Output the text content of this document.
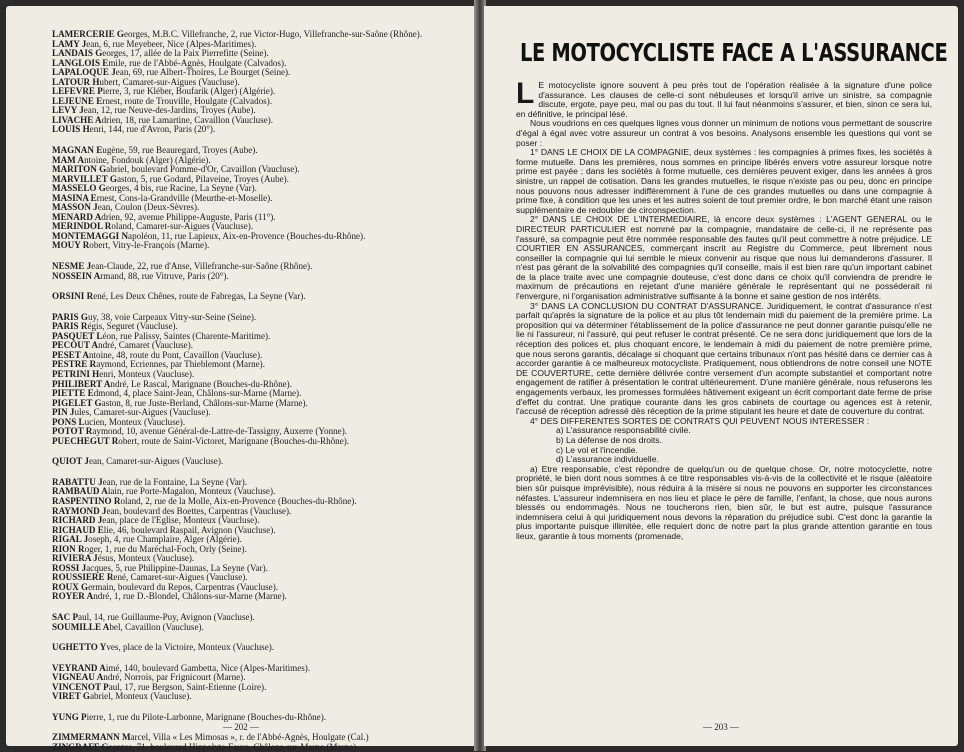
LAMERCERIE Georges, M.B.C. Villefranche, 2, rue Victor-Hugo, Villefranche-sur-Saône (Rhône).
LAMY Jean, 6, rue Meyebeer, Nice (Alpes-Maritimes).
LANDAIS Georges, 17, allée de la Paix Pierrefitte (Seine).
LANGLOIS Emile, rue de l'Abbé-Agnès, Houlgate (Calvados).
LAPALOQUE Jean, 69, rue Albert-Thoires, Le Bourget (Seine).
LATOUR Hubert, Camaret-sur-Aigues (Vaucluse).
LEFEVRE Pierre, 3, rue Kléber, Boufarik (Alger) (Algérie).
LEJEUNE Ernest, route de Trouville, Houlgate (Calvados).
LEVY Jean, 12, rue Neuve-des-Jardins, Troyes (Aube).
LIVACHE Adrien, 18, rue Lamartine, Cavaillon (Vaucluse).
LOUIS Henri, 144, rue d'Avron, Paris (20°).
MAGNAN Eugène, 59, rue Beauregard, Troyes (Aube).
MAM Antoine, Fondouk (Alger) (Algérie).
MARITON Gabriel, boulevard Pomme-d'Or, Cavaillon (Vaucluse).
MARVILLET Gaston, 5, rue Godard, Pilaveine, Troyes (Aube).
MASSELO Georges, 4 bis, rue Racine, La Seyne (Var).
MASINA Ernest, Cons-la-Grandville (Meurthe-et-Moselle).
MASSON Jean, Coulon (Deux-Sèvres).
MENARD Adrien, 92, avenue Philippe-Auguste, Paris (11°).
MERINDOL Roland, Camaret-sur-Aigues (Vaucluse).
MONTEMAGGI Napoléon, 11, rue Lapieux, Aix-en-Provence (Bouches-du-Rhône).
MOUY Robert, Vitry-le-François (Marne).
NESME Jean-Claude, 22, rue d'Anse, Villefranche-sur-Saône (Rhône).
NOSSEIN Armand, 88, rue Vitruve, Paris (20°).
ORSINI René, Les Deux Chênes, route de Fabregas, La Seyne (Var).
PARIS Guy, 38, voie Carpeaux Vitry-sur-Seine (Seine).
PARIS Régis, Seguret (Vaucluse).
PASQUET Léon, rue Palissy, Saintes (Charente-Maritime).
PECOUT André, Camaret (Vaucluse).
PESET Antoine, 48, route du Pont, Cavaillon (Vaucluse).
PESTRE Raymond, Ecriennes, par Thieblemont (Marne).
PETRINI Henri, Monteux (Vaucluse).
PHILIBERT André, Le Rascal, Marignane (Bouches-du-Rhône).
PIETTE Edmond, 4, place Saint-Jean, Châlons-sur-Marne (Marne).
PIGELET Gaston, 8, rue Juste-Berland, Châlons-sur-Marne (Marne).
PIN Jules, Camaret-sur-Aigues (Vaucluse).
PONS Lucien, Monteux (Vaucluse).
POTOT Raymond, 10, avenue Général-de-Lattre-de-Tassigny, Auxerre (Yonne).
PUECHEGUT Robert, route de Saint-Victoret, Marignane (Bouches-du-Rhône).
QUIOT Jean, Camaret-sur-Aigues (Vaucluse).
RABATTU Jean, rue de la Fontaine, La Seyne (Var).
RAMBAUD Alain, rue Porte-Magalon, Monteux (Vaucluse).
RASPENTINO Roland, 2, rue de la Molle, Aix-en-Provence (Bouches-du-Rhône).
RAYMOND Jean, boulevard des Boettes, Carpentras (Vaucluse).
RICHARD Jean, place de l'Eglise, Monteux (Vaucluse).
RICHAUD Elie, 46, boulevard Raspail, Avignon (Vaucluse).
RIGAL Joseph, 4, rue Champlaire, Alger (Algérie).
RION Roger, 1, rue du Maréchal-Foch, Orly (Seine).
RIVIERA Jésus, Monteux (Vaucluse).
ROSSI Jacques, 5, rue Philippine-Daunas, La Seyne (Var).
ROUSSIERE René, Camaret-sur-Aigues (Vaucluse).
ROUX Germain, boulevard du Repos, Carpentras (Vaucluse).
ROYER André, 1, rue D.-Blondel, Châlons-sur-Marne (Marne).
SAC Paul, 14, rue Guillaume-Puy, Avignon (Vaucluse).
SOUMILLE Abel, Cavaillon (Vaucluse).
UGHETTO Yves, place de la Victoire, Monteux (Vaucluse).
VEYRAND Aimé, 140, boulevard Gambetta, Nice (Alpes-Maritimes).
VIGNEAU André, Norrois, par Frignicourt (Marne).
VINCENOT Paul, 17, rue Bergson, Saint-Etienne (Loire).
VIRET Gabriel, Monteux (Vaucluse).
YUNG Pierre, 1, rue du Pilote-Larbonne, Marignane (Bouches-du-Rhône).
ZIMMERMANN Marcel, Villa « Les Mimosas », r. de l'Abbé-Agnès, Houlgate (Cal.)
ZINGRAFF Georges, 71, boulevard Hippolyte-Faure, Châlons-sur-Marne (Marne).
— 202 —
LE MOTOCYCLISTE FACE A L'ASSURANCE

L E motocycliste ignore souvent à peu près tout de l'opération réalisée à la signature d'une police d'assurance. Les clauses de celle-ci sont nébuleuses et lorsqu'il arrive un sinistre, sa compagnie discute, ergote, paye peu, mal ou pas du tout. Il lui faut néanmoins s'assurer, et bien, sinon ce sera lui, en définitive, le principal lésé.

Nous voudrions en ces quelques lignes vous donner un minimum de notions vous permettant de souscrire d'égal à égal avec votre assureur un contrat à vos besoins. Analysons ensemble les questions qui vont se poser :

1° DANS LE CHOIX DE LA COMPAGNIE, deux systèmes : les compagnies à primes fixes, les sociétés à forme mutuelle. Dans les premières, nous sommes en principe libérés envers votre assureur lorsque notre prime est payée ; dans les sociétés à forme mutuelle, ces dernières peuvent exiger, dans les années à gros sinistre, un rappel de cotisation. Dans les grandes mutuelles, le risque n'existe pas ou peu, donc en principe nous pouvons nous adresser indifféremment à l'une de ces grandes mutuelles ou dans une compagnie à prime fixe, à condition que les unes et les autres soient de tout premier ordre, le bon marché étant une raison supplémentaire de redoubler de circonspection.

2° DANS LE CHOIX DE L'INTERMEDIAIRE, là encore deux systèmes : L'AGENT GENERAL ou le DIRECTEUR PARTICULIER est nommé par la compagnie, mandataire de celle-ci, il ne représente pas l'assuré, sa compagnie peut être nommée responsable des fautes qu'il peut commettre à notre préjudice. LE COURTIER EN ASSURANCES, commerçant inscrit au Registre du Commerce, peut librement nous conseiller la compagnie qui lui semble le mieux convenir au risque que nous lui demanderons d'assurer. Il n'est pas gérant de la solvabilité des compagnies qu'il conseille, mais il est bien rare qu'un important cabinet de la place traite avec une compagnie douteuse, c'est donc dans ce choix qu'il conviendra de prendre le maximum de précautions en rejetant d'une manière générale le représentant qui ne posséderait ni l'envergure, ni l'organisation administrative suffisante à la bonne et saine gestion de nos intérêts.

3° DANS LA CONCLUSION DU CONTRAT D'ASSURANCE. Juridiquement, le contrat d'assurance n'est parfait qu'après la signature de la police et au plus tôt lendemain midi du paiement de la première prime. La proposition qui va déterminer l'établissement de la police d'assurance ne peut donner garantie puisqu'elle ne lie ni l'assureur, ni l'assuré, qui peut refuser le contrat présenté. Ce ne sera donc juridiquement que lors de la réception des polices et, plus choquant encore, le lendemain à midi du paiement de notre première prime, que nous serons garantis, décalage si choquant que certains tribunaux n'ont pas hésité dans ce dernier cas à accorder garantie à ce malheureux motocycliste. Pratiquement, nous obtiendrons de notre conseil une NOTE DE COUVERTURE, cette dernière délivrée contre versement d'un acompte substantiel et comportant notre engagement de ratifier à présentation le contrat ultérieurement. D'une manière générale, nous refuserons les engagements verbaux, les promesses formulées hâtivement exigeant un écrit comportant date ferme de prise d'effet du contrat. Une pratique courante dans les gros cabinets de courtage ou agences est à retenir, l'accusé de réception adressé dès réception de la prime stipulant les heure et date de couverture du contrat.

4° DES DIFFERENTES SORTES DE CONTRATS QUI PEUVENT NOUS INTERESSER :

a) L'assurance responsabilité civile.
b) La défense de nos droits.
c) Le vol et l'incendie.
d) L'assurance individuelle.

a) Etre responsable, c'est répondre de quelqu'un ou de quelque chose. Or, notre motocyclette, notre propriété, le bien dont nous sommes à ce titre responsables vis-à-vis de la collectivité et le risque (aléatoire bien sûr puisque imprévisible), nous réduira à la misère si nous ne pouvons en supporter les circonstances néfastes. L'assureur indemnisera en nos lieu et place le père de famille, l'enfant, la chose, que nous aurons blessés ou endommagés. Nous ne toucherons rien, bien sûr, le but est autre, puisque l'assurance indemnisera celui à qui juridiquement nous devons la réparation du préjudice subi. C'est donc la garantie la plus importante puisque illimitée, elle requiert donc de notre part la plus grande attention garantie en tous lieux, garantie à tous moments (promenade,

— 203 —
